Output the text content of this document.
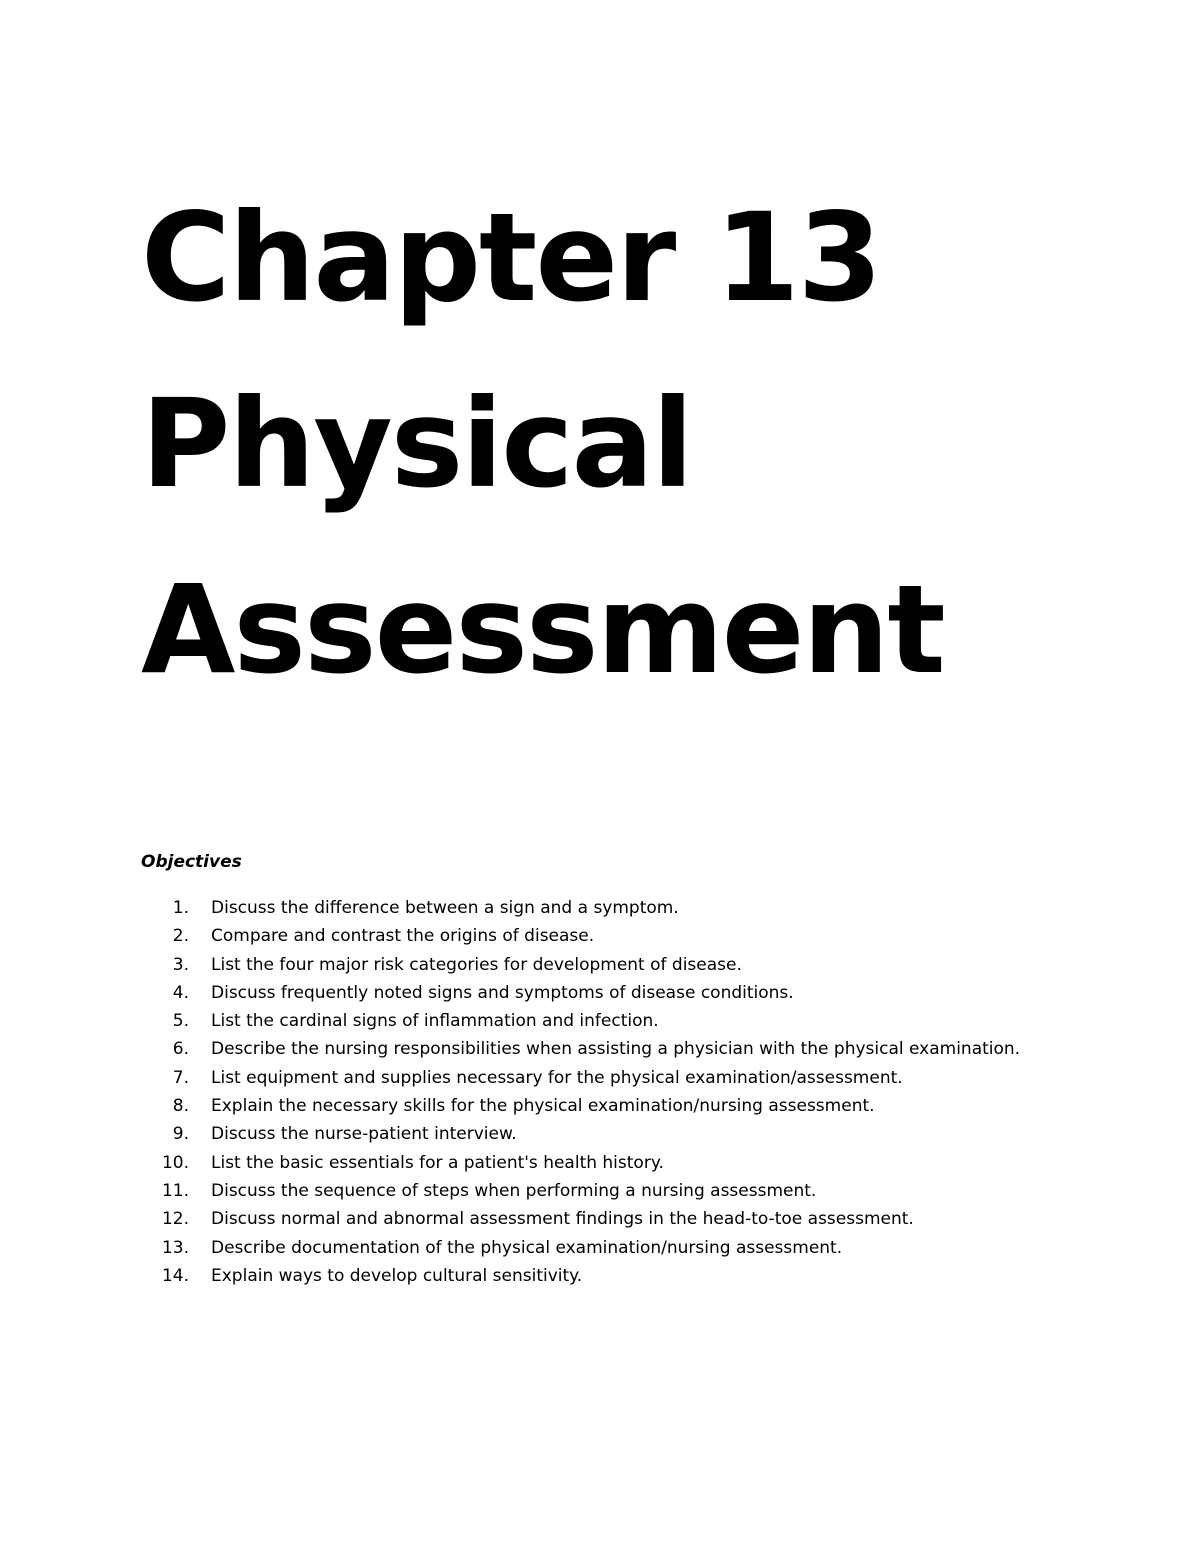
Chapter 13
Physical
Assessment
Objectives
1.	Discuss the difference between a sign and a symptom.
2.	Compare and contrast the origins of disease.
3.	List the four major risk categories for development of disease.
4.	Discuss frequently noted signs and symptoms of disease conditions.
5.	List the cardinal signs of inflammation and infection.
6.	Describe the nursing responsibilities when assisting a physician with the physical examination.
7.	List equipment and supplies necessary for the physical examination/assessment.
8.	Explain the necessary skills for the physical examination/nursing assessment.
9.	Discuss the nurse-patient interview.
10.	List the basic essentials for a patient's health history.
11.	Discuss the sequence of steps when performing a nursing assessment.
12.	Discuss normal and abnormal assessment findings in the head-to-toe assessment.
13.	Describe documentation of the physical examination/nursing assessment.
14.	Explain ways to develop cultural sensitivity.
